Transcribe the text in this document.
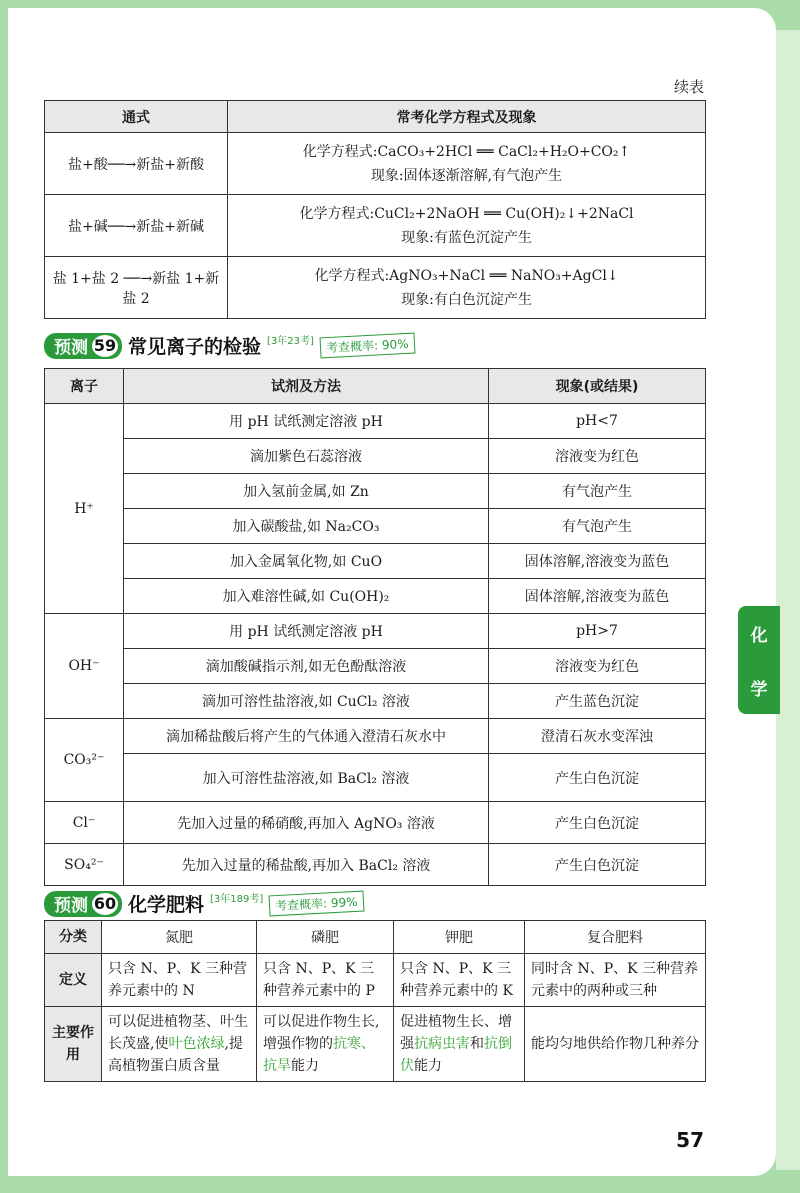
续表
通式	常考化学方程式及现象
盐+酸──→新盐+新酸	化学方程式:CaCO₃+2HCl ══ CaCl₂+H₂O+CO₂↑
现象:固体逐渐溶解,有气泡产生

盐+碱──→新盐+新碱	化学方程式:CuCl₂+2NaOH ══ Cu(OH)₂↓+2NaCl
现象:有蓝色沉淀产生

盐 1+盐 2 ──→新盐 1+新盐 2	化学方程式:AgNO₃+NaCl ══ NaNO₃+AgCl↓
现象:有白色沉淀产生
预测 59 常见离子的检验 [3年23考] 考查概率: 90%
离子	试剂及方法	现象(或结果)
H⁺	用 pH 试纸测定溶液 pH	pH<7
	滴加紫色石蕊溶液	溶液变为红色
	加入氢前金属,如 Zn	有气泡产生
	加入碳酸盐,如 Na₂CO₃	有气泡产生
	加入金属氧化物,如 CuO	固体溶解,溶液变为蓝色
	加入难溶性碱,如 Cu(OH)₂	固体溶解,溶液变为蓝色
OH⁻	用 pH 试纸测定溶液 pH	pH>7
	滴加酸碱指示剂,如无色酚酞溶液	溶液变为红色
	滴加可溶性盐溶液,如 CuCl₂ 溶液	产生蓝色沉淀
CO₃²⁻	滴加稀盐酸后将产生的气体通入澄清石灰水中	澄清石灰水变浑浊
	加入可溶性盐溶液,如 BaCl₂ 溶液	产生白色沉淀
Cl⁻	先加入过量的稀硝酸,再加入 AgNO₃ 溶液	产生白色沉淀
SO₄²⁻	先加入过量的稀盐酸,再加入 BaCl₂ 溶液	产生白色沉淀
预测 60 化学肥料 [3年189考] 考查概率: 99%
分类	氮肥	磷肥	钾肥	复合肥料
定义	只含 N、P、K 三种营养元素中的 N	只含 N、P、K 三种营养元素中的 P	只含 N、P、K 三种营养元素中的 K	同时含 N、P、K 三种营养元素中的两种或三种
主要作用	可以促进植物茎、叶生长茂盛,使叶色浓绿,提高植物蛋白质含量	可以促进作物生长,增强作物的抗寒、抗旱能力	促进植物生长、增强抗病虫害和抗倒伏能力	能均匀地供给作物几种养分
化
学
57
